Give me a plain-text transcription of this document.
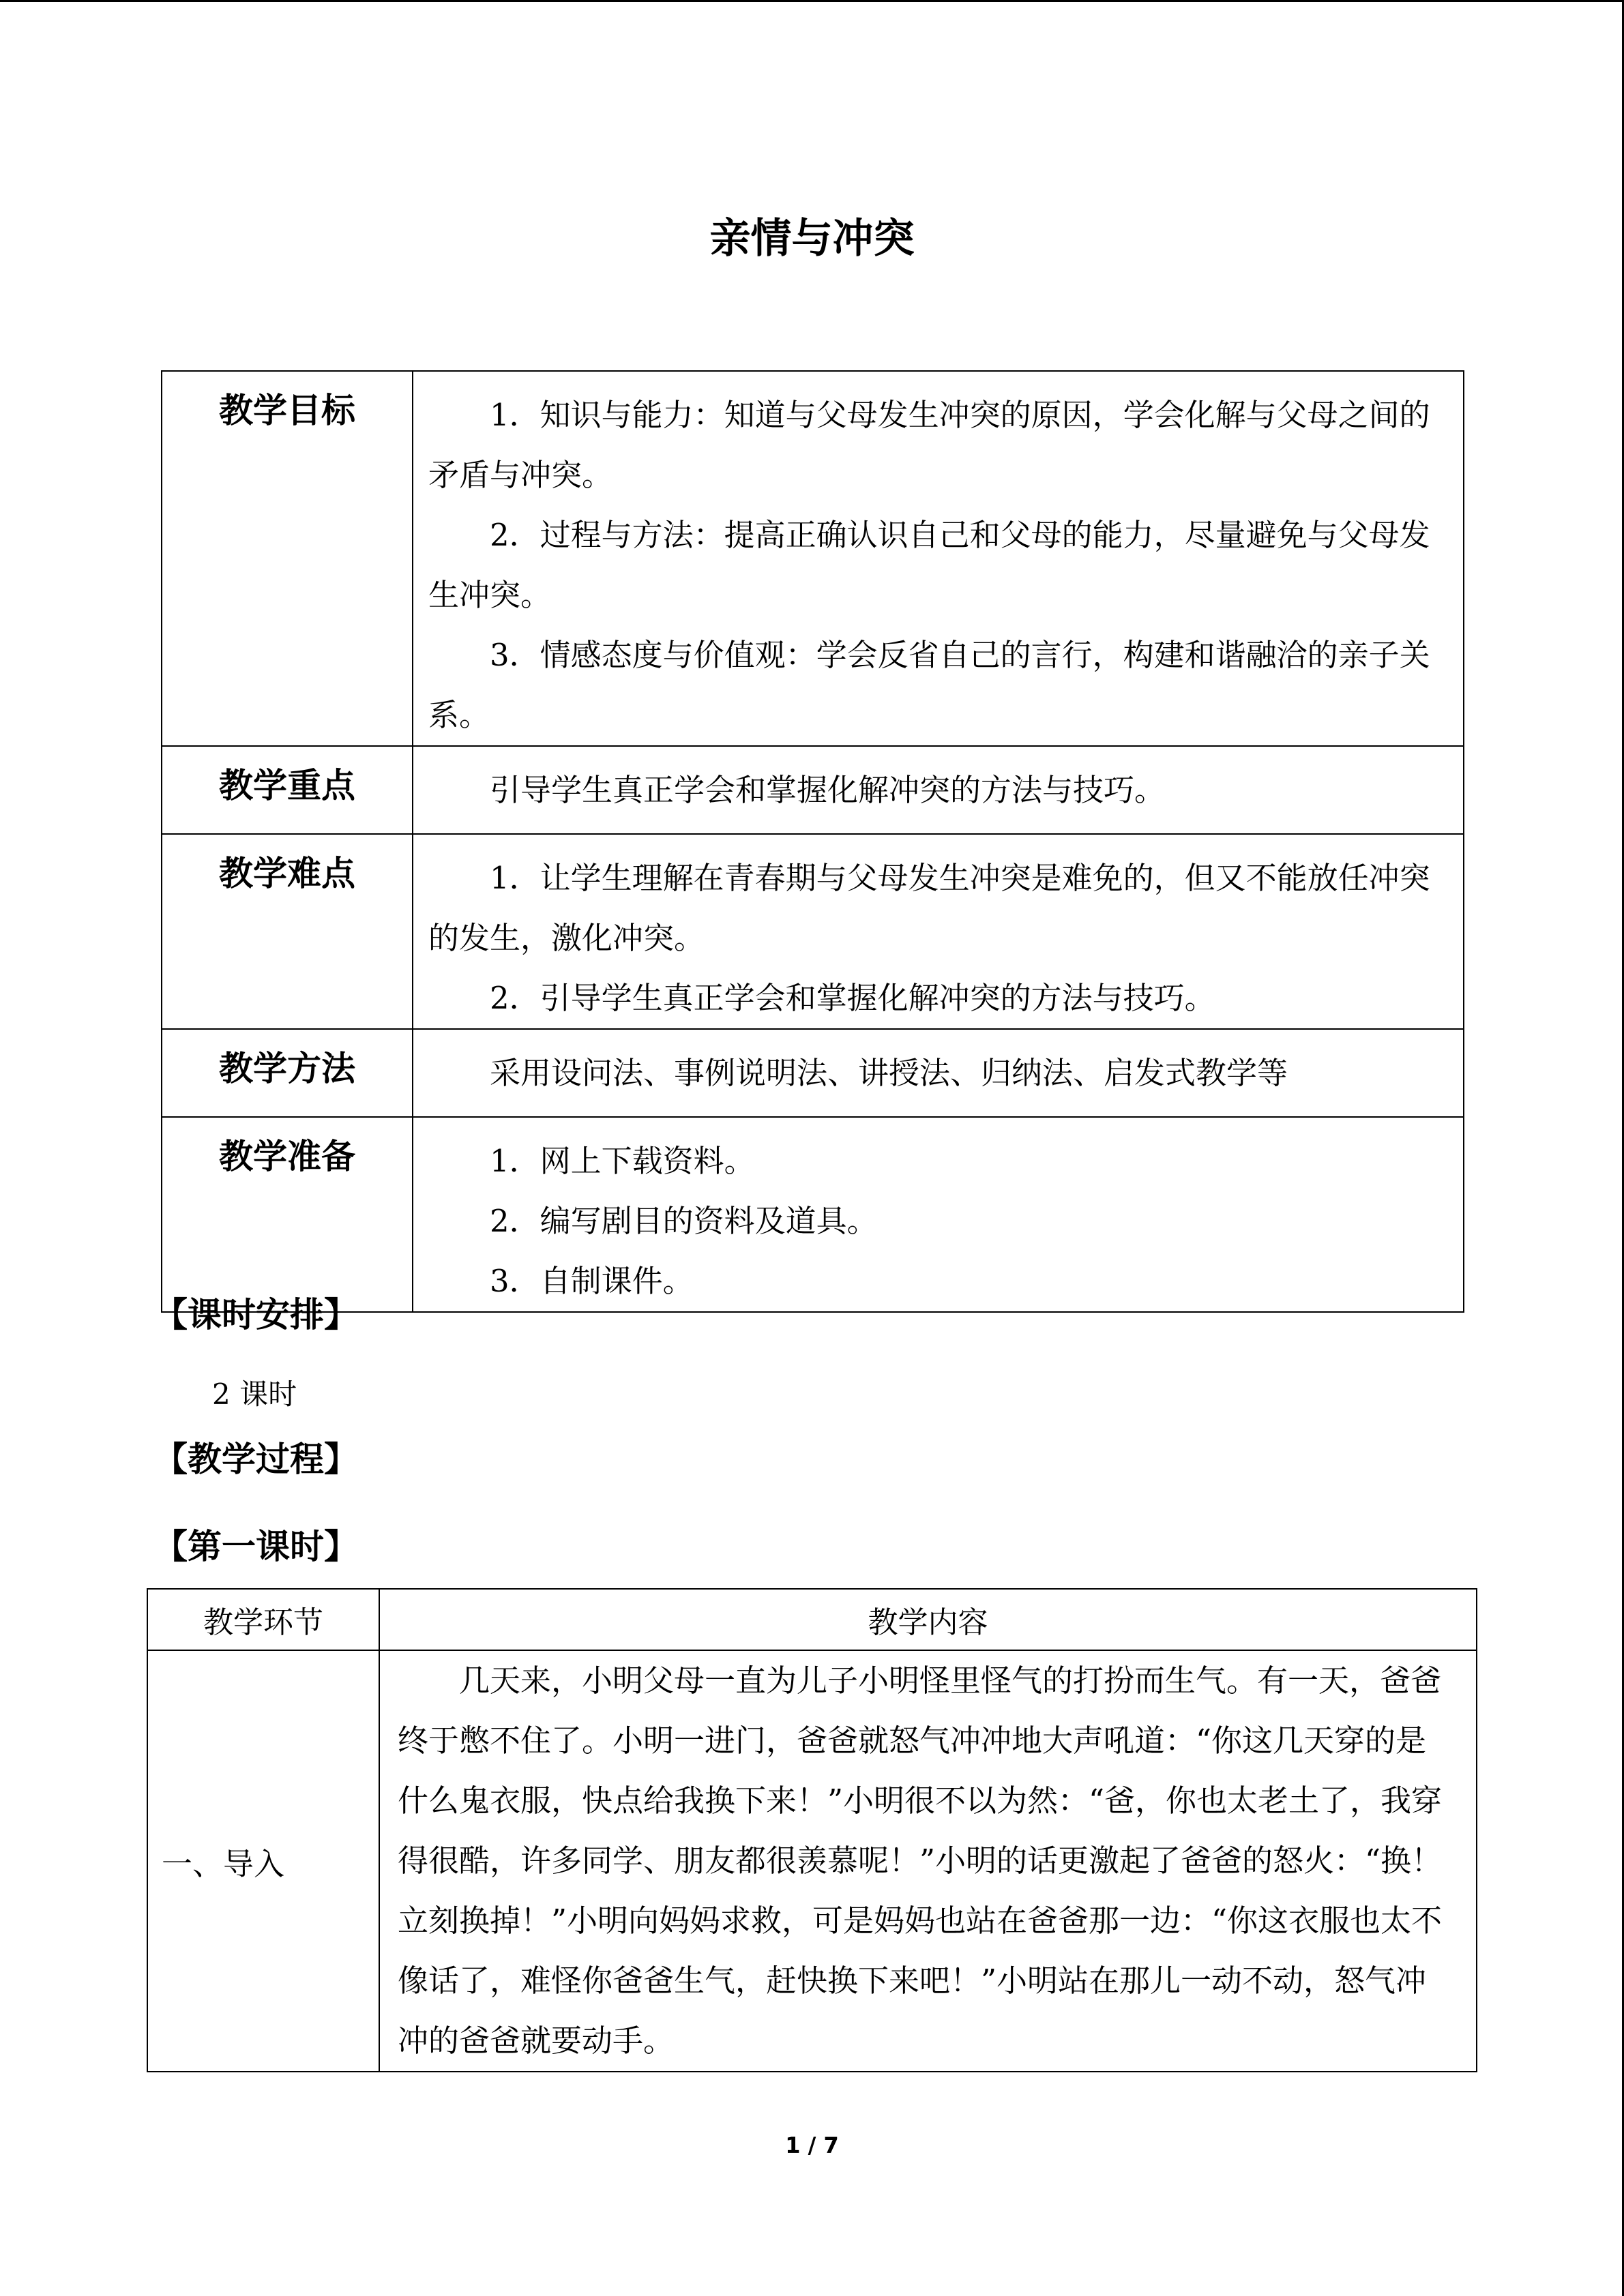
亲情与冲突
教学目标	1．知识与能力：知道与父母发生冲突的原因，学会化解与父母之间的矛盾与冲突。
2．过程与方法：提高正确认识自己和父母的能力，尽量避免与父母发生冲突。
3．情感态度与价值观：学会反省自己的言行，构建和谐融洽的亲子关系。

教学重点	引导学生真正学会和掌握化解冲突的方法与技巧。

教学难点	1．让学生理解在青春期与父母发生冲突是难免的，但又不能放任冲突的发生，激化冲突。
2．引导学生真正学会和掌握化解冲突的方法与技巧。

教学方法	采用设问法、事例说明法、讲授法、归纳法、启发式教学等

教学准备	1．网上下载资料。
2．编写剧目的资料及道具。
3．自制课件。
【课时安排】
2 课时
【教学过程】
【第一课时】
教学环节	教学内容
一、导入	几天来，小明父母一直为儿子小明怪里怪气的打扮而生气。有一天，爸爸终于憋不住了。小明一进门，爸爸就怒气冲冲地大声吼道：“你这几天穿的是什么鬼衣服，快点给我换下来！”小明很不以为然：“爸，你也太老土了，我穿得很酷，许多同学、朋友都很羡慕呢！”小明的话更激起了爸爸的怒火：“换！立刻换掉！”小明向妈妈求救，可是妈妈也站在爸爸那一边：“你这衣服也太不像话了，难怪你爸爸生气，赶快换下来吧！”小明站在那儿一动不动，怒气冲冲的爸爸就要动手。
1 / 7
